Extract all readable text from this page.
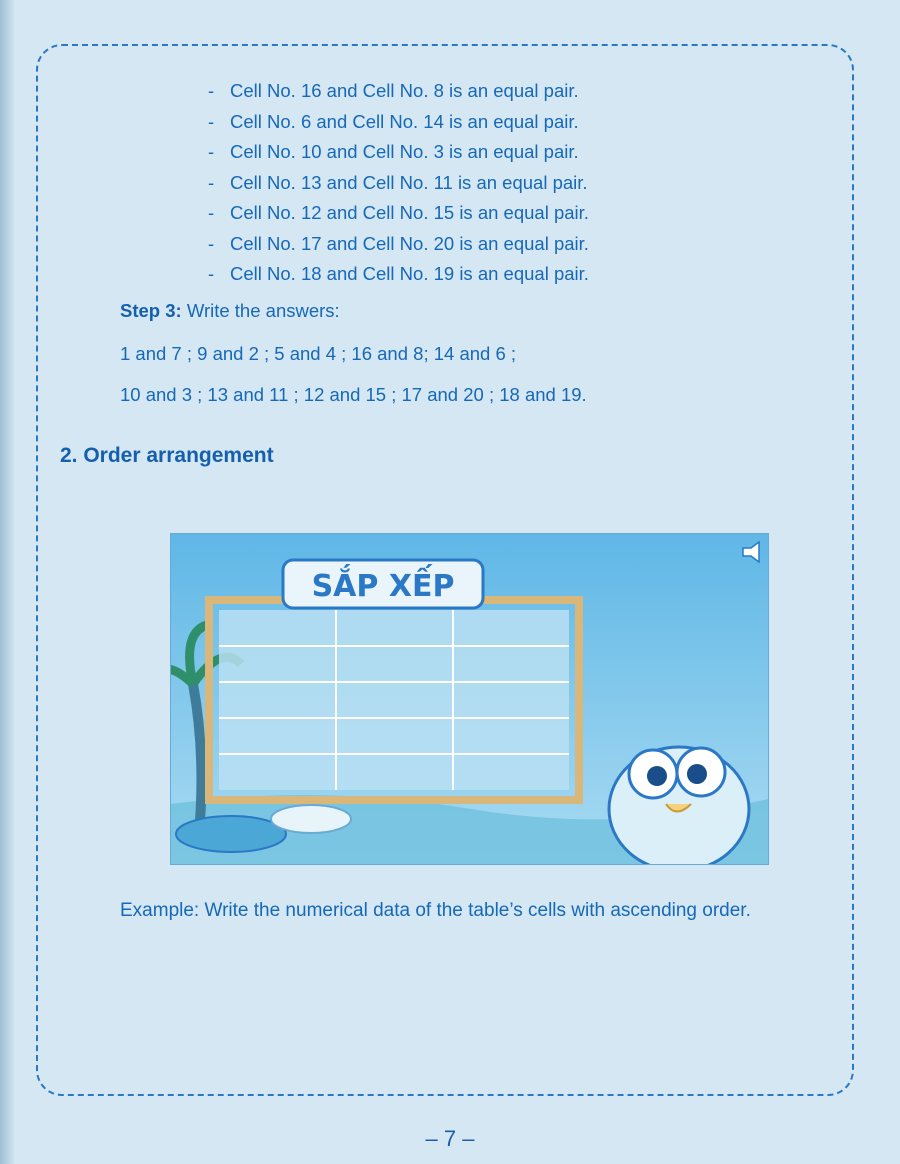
- Cell No. 16 and Cell No. 8 is an equal pair.
- Cell No. 6 and Cell No. 14 is an equal pair.
- Cell No. 10 and Cell No. 3 is an equal pair.
- Cell No. 13 and Cell No. 11 is an equal pair.
- Cell No. 12 and Cell No. 15 is an equal pair.
- Cell No. 17 and Cell No. 20 is an equal pair.
- Cell No. 18 and Cell No. 19 is an equal pair.
Step 3: Write the answers:
1 and 7 ; 9 and 2 ; 5 and 4 ; 16 and 8; 14 and 6 ;
10 and 3 ; 13 and 11 ; 12 and 15 ; 17 and 20 ; 18 and 19.
2. Order arrangement
SẮP XẾP
Example: Write the numerical data of the table’s cells with ascending order.
– 7 –
